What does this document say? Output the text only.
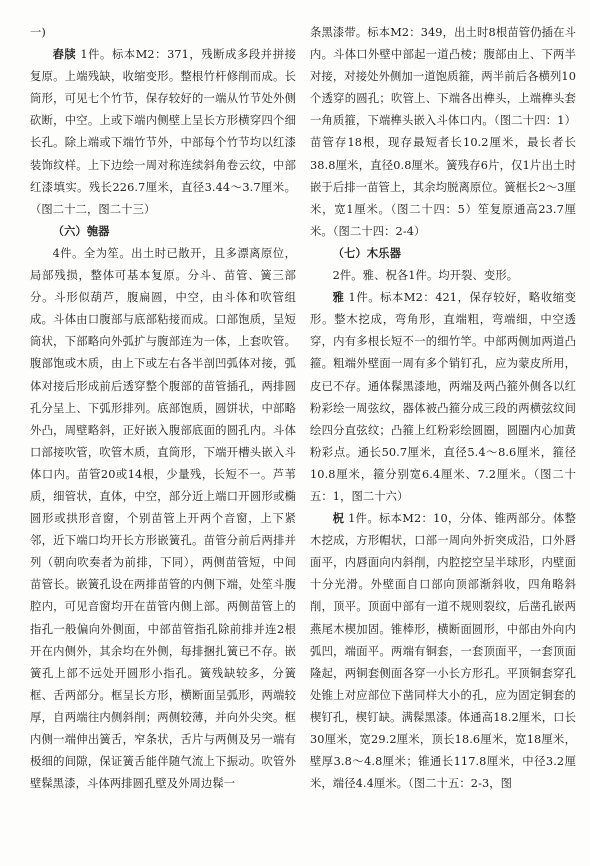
一)

舂牍 1件。标本M2：371，残断成多段并拼接复原。上端残缺，收缩变形。整根竹杆修削而成。长筒形，可见七个竹节，保存较好的一端从竹节处外侧砍断，中空。上或下端内侧壁上呈长方形横穿四个细长孔。除上端或下端竹节外，中部每个竹节均以红漆装饰纹样。上下边绘一周对称连续斜角卷云纹，中部红漆填实。残长226.7厘米，直径3.44～3.7厘米。（图二十二，图二十三）

（六）匏器

4件。全为笙。出土时已散开，且多漂离原位，局部残损，整体可基本复原。分斗、苗管、簧三部分。斗形似葫芦，腹扁圆，中空，由斗体和吹管组成。斗体由口腹部与底部粘接而成。口部饱质，呈短筒状，下部略向外弧扩与腹部连为一体，上套吹管。腹部饱或木质，由上下或左右各半剖凹弧体对接，弧体对接后形成前后透穿整个腹部的苗管插孔，两排圆孔分呈上、下弧形排列。底部饱质，圆饼状，中部略外凸，周壁略斜，正好嵌入腹部底面的圆孔内。斗体口部接吹管，吹管木质，直筒形，下端开槽头嵌入斗体口内。苗管20或14根，少量残，长短不一。芦苇质，细管状，直体，中空，部分近上端口开圆形或椭圆形或拱形音窗，个别苗管上开两个音窗，上下紧邻，近下端口均开长方形嵌簧孔。苗管分前后两排并列（朝向吹奏者为前排，下同），两侧苗管短，中间苗管长。嵌簧孔设在两排苗管的内侧下端，处笙斗腹腔内，可见音窗均开在苗管内侧上部。两侧苗管上的指孔一般偏向外侧面，中部苗管指孔除前排并连2根开在内侧外，其余均在外侧，每排捆扎簧已不存。嵌簧孔上部不远处开圆形小指孔。簧残缺较多，分簧框、舌两部分。框呈长方形，横断面呈弧形，两端较厚，自两端往内侧斜削；两侧较薄，并向外尖突。框内侧一端伸出簧舌，窄条状，舌片与两侧及另一端有极细的间隙，保证簧舌能伴随气流上下振动。吹管外壁髹黑漆，斗体两排圆孔壁及外周边髹一

条黑漆带。标本M2：349，出土时8根苗管仍插在斗内。斗体口外壁中部起一道凸棱；腹部由上、下两半对接，对接处外侧加一道饱质箍，两半前后各横列10个透穿的圆孔；吹管上、下端各出榫头，上端榫头套一角质箍，下端榫头嵌入斗体口内。（图二十四：1）苗管存18根，现存最短者长10.2厘米，最长者长38.8厘米，直径0.8厘米。簧残存6片，仅1片出土时嵌于后排一苗管上，其余均脱离原位。簧框长2～3厘米，宽1厘米。（图二十四：5）笙复原通高23.7厘米。（图二十四：2-4）

（七）木乐器

2件。雅、柷各1件。均开裂、变形。

雅 1件。标本M2：421，保存较好，略收缩变形。整木挖成，弯角形，直端粗，弯端细，中空透穿，内有多根长短不一的细竹竿。中部两侧加两道凸箍。粗端外壁面一周有多个销钉孔，应为蒙皮所用，皮已不存。通体髹黑漆地，两端及两凸箍外侧各以红粉彩绘一周弦纹，器体被凸箍分成三段的两横弦纹间绘四分直弦纹；凸箍上红粉彩绘圆圈，圆圈内心加黄粉彩点。通长50.7厘米，直径5.4～8.6厘米，箍径10.8厘米，箍分别宽6.4厘米、7.2厘米。（图二十五：1，图二十六）

柷 1件。标本M2：10，分体、锥两部分。体整木挖成，方形帽状，口部一周向外折突成沿，口外唇面平，内唇面向内斜削，内腔挖空呈半球形，内壁面十分光滑。外壁面自口部向顶部渐斜收，四角略斜削，顶平。顶面中部有一道不规则裂纹，后凿孔嵌两燕尾木楔加固。锥棒形，横断面圆形，中部由外向内弧凹，端面平。两端有铜套，一套顶面平，一套顶面隆起，两铜套侧面各穿一小长方形孔。平顶铜套穿孔处锥上对应部位下凿同样大小的孔，应为固定铜套的楔钉孔，楔钉缺。满髹黑漆。体通高18.2厘米，口长30厘米，宽29.2厘米，顶长18.6厘米，宽18厘米，壁厚3.8～4.8厘米；锥通长117.8厘米，中径3.2厘米，端径4.4厘米。（图二十五：2-3，图
